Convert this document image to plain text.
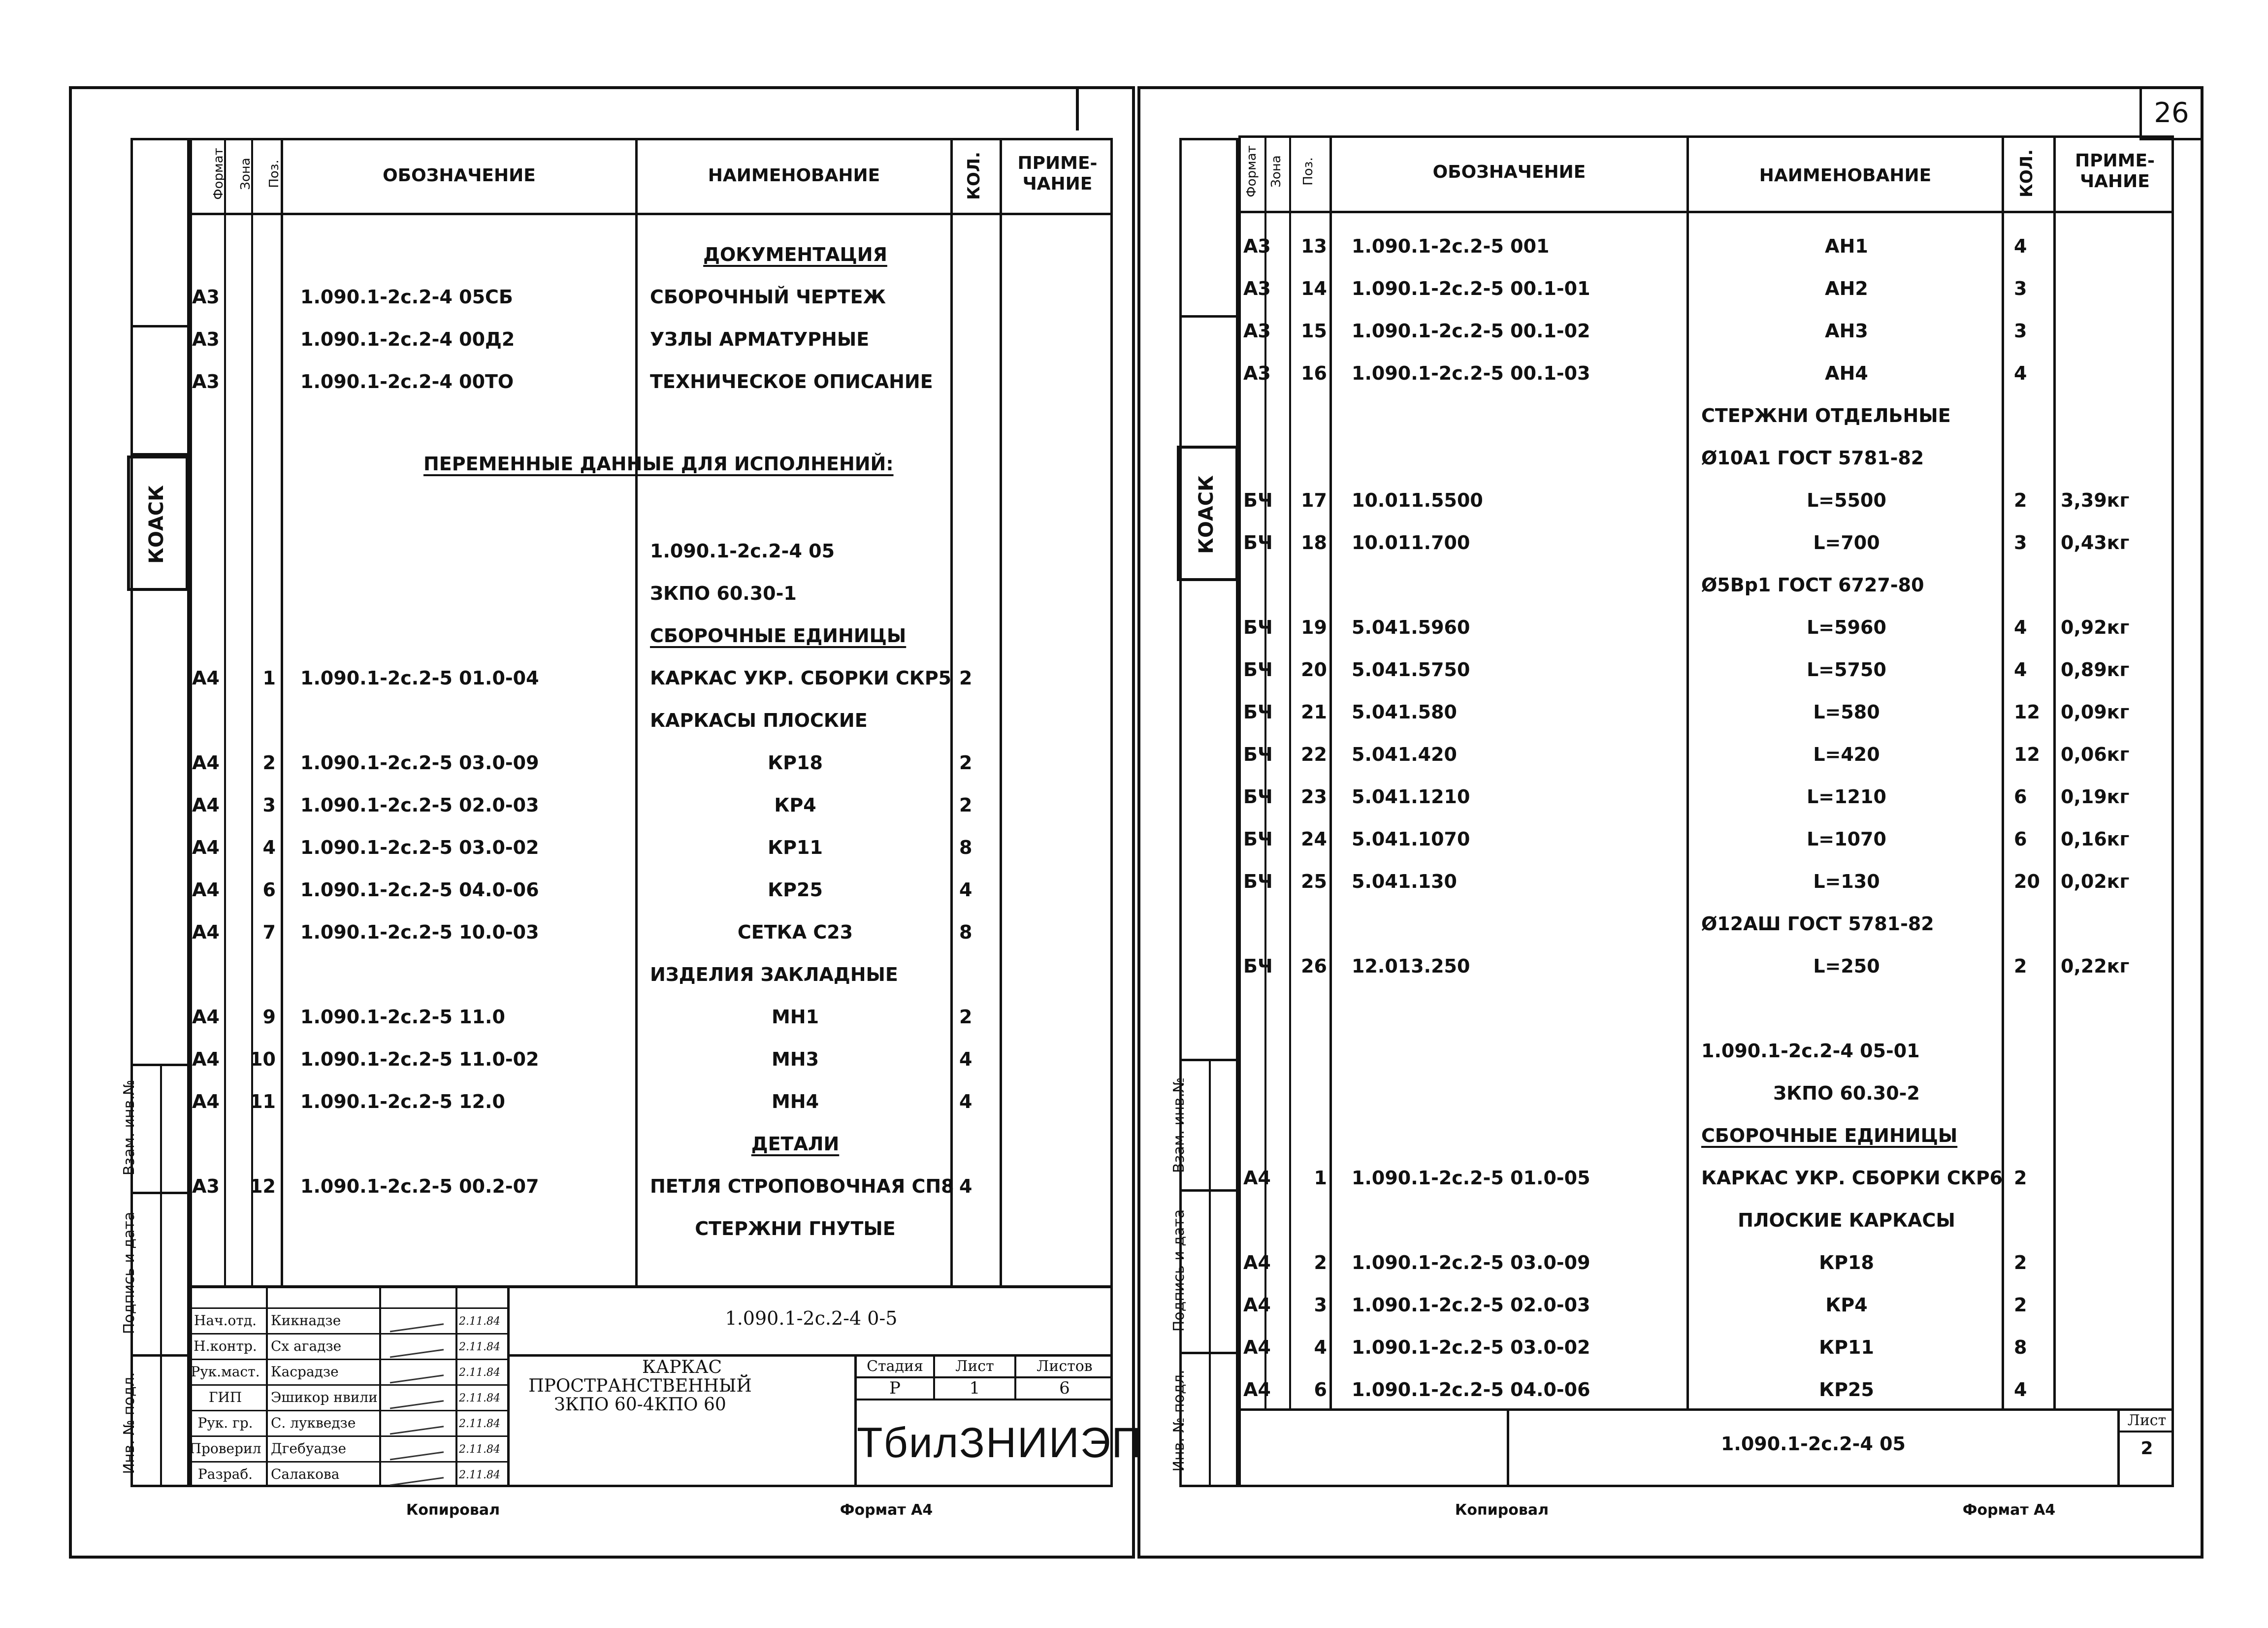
КОАСК
Взам. инв.№
Подпись и дата
Инв. № подл.
Формат Зона Поз.	ОБОЗНАЧЕНИЕ	НАИМЕНОВАНИЕ	КОЛ.	ПРИМЕ-
ЧАНИЕ
ДОКУМЕНТАЦИЯ
А3	1.090.1-2с.2-4 05СБ	СБОРОЧНЫЙ ЧЕРТЕЖ
А3	1.090.1-2с.2-4 00Д2	УЗЛЫ АРМАТУРНЫЕ
А3	1.090.1-2с.2-4 00ТО	ТЕХНИЧЕСКОЕ ОПИСАНИЕ
1.090.1-2с.2-4 05
ЗКПО 60.30-1
СБОРОЧНЫЕ ЕДИНИЦЫ
А4	1 1.090.1-2с.2-5 01.0-04	КАРКАС УКР. СБОРКИ СКР5 2
КАРКАСЫ ПЛОСКИЕ
А4	2 1.090.1-2с.2-5 03.0-09	КР18	2
А4	3 1.090.1-2с.2-5 02.0-03	КР4	2
А4	4 1.090.1-2с.2-5 03.0-02	КР11	8
А4	6 1.090.1-2с.2-5 04.0-06	КР25	4
А4	7 1.090.1-2с.2-5 10.0-03	СЕТКА С23	8
ИЗДЕЛИЯ ЗАКЛАДНЫЕ
А4	9 1.090.1-2с.2-5 11.0	МН1	2
А4	10 1.090.1-2с.2-5 11.0-02	МН3	4
А4	11 1.090.1-2с.2-5 12.0	МН4	4
ДЕТАЛИ
А3	12 1.090.1-2с.2-5 00.2-07	ПЕТЛЯ СТРОПОВОЧНАЯ СП8 4
СТЕРЖНИ ГНУТЫЕ
ПЕРЕМЕННЫЕ ДАННЫЕ ДЛЯ ИСПОЛНЕНИЙ:
Нач.отд.	Кикнадзе	2.11.84
Н.контр.	Сх агадзе	2.11.84
Рук.маст. Касрадзе	2.11.84
ГИП	Эшикор нвили	2.11.84
Рук. гр.	С. лукведзе	2.11.84
Проверил Дгебуадзе	2.11.84
Разраб.	Салакова	2.11.84
1.090.1-2с.2-4 0-5
КАРКАС
ПРОСТРАНСТВЕННЫЙ
ЗКПО 60-4КПО 60
Стадия	Лист	Листов
Р	1	6
ТбилЗНИИЭП
Копировал	Формат А4
26
КОАСК
Взам. инв.№
Подпись и дата
Инв. № подл.
Формат Зона Поз.	ОБОЗНАЧЕНИЕ	НАИМЕНОВАНИЕ	КОЛ.	ПРИМЕ-
ЧАНИЕ
А3	13 1.090.1-2с.2-5 001	АН1	4
А3	14 1.090.1-2с.2-5 00.1-01	АН2	3
А3	15 1.090.1-2с.2-5 00.1-02	АН3	3
А3	16 1.090.1-2с.2-5 00.1-03	АН4	4
СТЕРЖНИ ОТДЕЛЬНЫЕ
Ø10А1 ГОСТ 5781-82
БЧ	17 10.011.5500	L=5500	2 3,39кг
БЧ	18 10.011.700	L=700	3 0,43кг
Ø5Вр1 ГОСТ 6727-80
БЧ	19 5.041.5960	L=5960	4 0,92кг
БЧ	20 5.041.5750	L=5750	4 0,89кг
БЧ	21 5.041.580	L=580	12 0,09кг
БЧ	22 5.041.420	L=420	12 0,06кг
БЧ	23 5.041.1210	L=1210	6 0,19кг
БЧ	24 5.041.1070	L=1070	6 0,16кг
БЧ	25 5.041.130	L=130	20 0,02кг
Ø12АШ ГОСТ 5781-82
БЧ	26 12.013.250	L=250	2 0,22кг
1.090.1-2с.2-4 05-01
ЗКПО 60.30-2
СБОРОЧНЫЕ ЕДИНИЦЫ
А4	1 1.090.1-2с.2-5 01.0-05	КАРКАС УКР. СБОРКИ СКР6 2
ПЛОСКИЕ КАРКАСЫ
А4	2 1.090.1-2с.2-5 03.0-09	КР18	2
А4	3 1.090.1-2с.2-5 02.0-03	КР4	2
А4	4 1.090.1-2с.2-5 03.0-02	КР11	8
А4	6 1.090.1-2с.2-5 04.0-06	КР25	4
1.090.1-2с.2-4 05
Лист
2
Копировал	Формат А4
